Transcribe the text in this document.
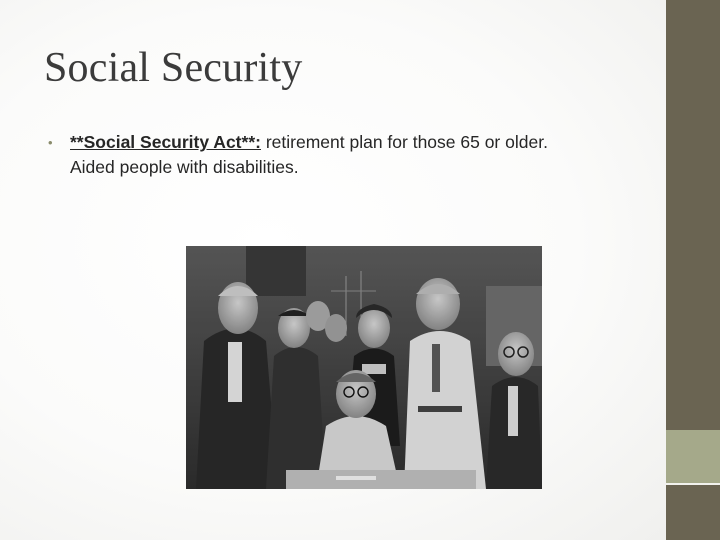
Social Security
• **Social Security Act**: retirement plan for those 65 or older.
Aided people with disabilities.
